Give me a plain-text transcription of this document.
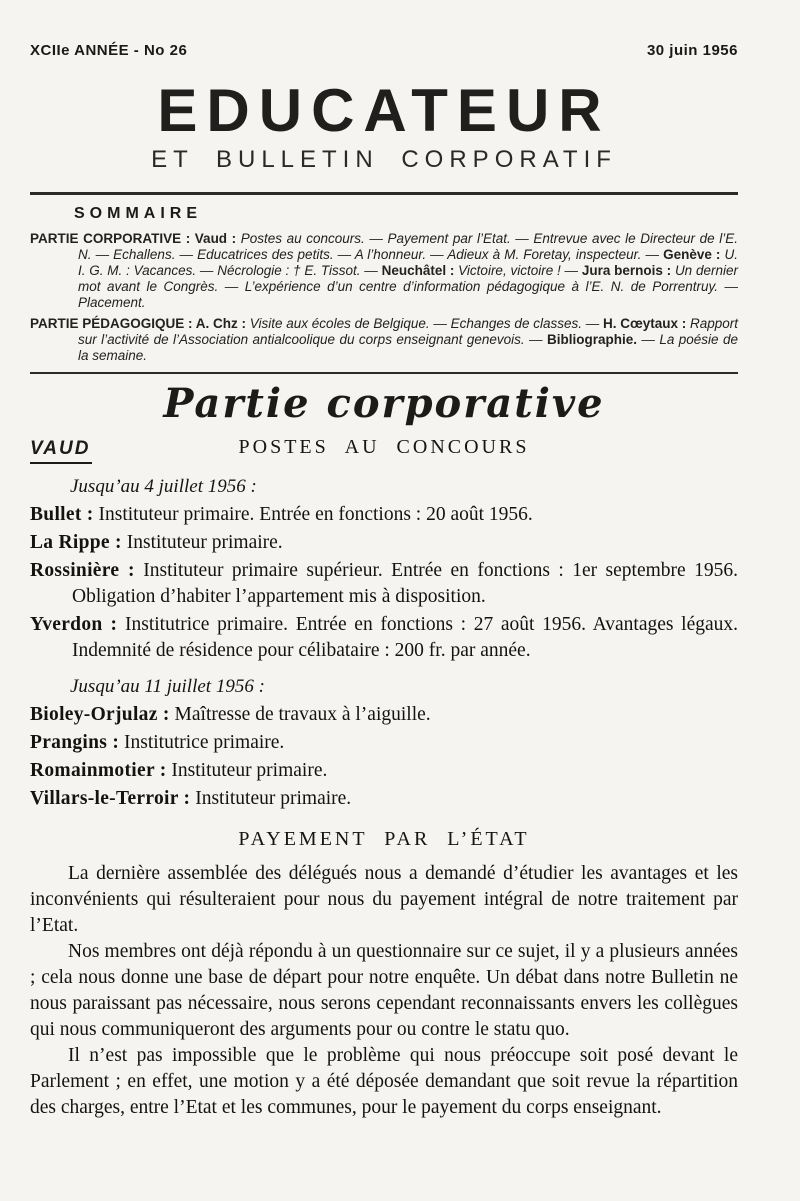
XCIIe ANNÉE - No 26	30 juin 1956
EDUCATEUR
ET BULLETIN CORPORATIF
SOMMAIRE

PARTIE CORPORATIVE : Vaud : Postes au concours. — Payement par l’Etat. — Entrevue avec le Directeur de l’E. N. — Echallens. — Educatrices des petits. — A l’honneur. — Adieux à M. Foretay, inspecteur. — Genève : U. I. G. M. : Vacances. — Nécrologie : † E. Tissot. — Neuchâtel : Victoire, victoire ! — Jura bernois : Un dernier mot avant le Congrès. — L’expérience d’un centre d’information pédagogique à l’E. N. de Porrentruy. — Placement.

PARTIE PÉDAGOGIQUE : A. Chz : Visite aux écoles de Belgique. — Echanges de classes. — H. Cœytaux : Rapport sur l’activité de l’Association antialcoolique du corps enseignant genevois. — Bibliographie. — La poésie de la semaine.

Partie corporative
VAUD	POSTES AU CONCOURS

Jusqu’au 4 juillet 1956 :

Bullet : Instituteur primaire. Entrée en fonctions : 20 août 1956.

La Rippe : Instituteur primaire.

Rossinière : Instituteur primaire supérieur. Entrée en fonctions : 1er septembre 1956. Obligation d’habiter l’appartement mis à disposition.

Yverdon : Institutrice primaire. Entrée en fonctions : 27 août 1956. Avantages légaux. Indemnité de résidence pour célibataire : 200 fr. par année.

Jusqu’au 11 juillet 1956 :

Bioley-Orjulaz : Maîtresse de travaux à l’aiguille.

Prangins : Institutrice primaire.

Romainmotier : Instituteur primaire.

Villars-le-Terroir : Instituteur primaire.

PAYEMENT PAR L’ÉTAT

La dernière assemblée des délégués nous a demandé d’étudier les avantages et les inconvénients qui résulteraient pour nous du payement intégral de notre traitement par l’Etat.

Nos membres ont déjà répondu à un questionnaire sur ce sujet, il y a plusieurs années ; cela nous donne une base de départ pour notre enquête. Un débat dans notre Bulletin ne nous paraissant pas nécessaire, nous serons cependant reconnaissants envers les collègues qui nous communiqueront des arguments pour ou contre le statu quo.

Il n’est pas impossible que le problème qui nous préoccupe soit posé devant le Parlement ; en effet, une motion y a été déposée demandant que soit revue la répartition des charges, entre l’Etat et les communes, pour le payement du corps enseignant.
